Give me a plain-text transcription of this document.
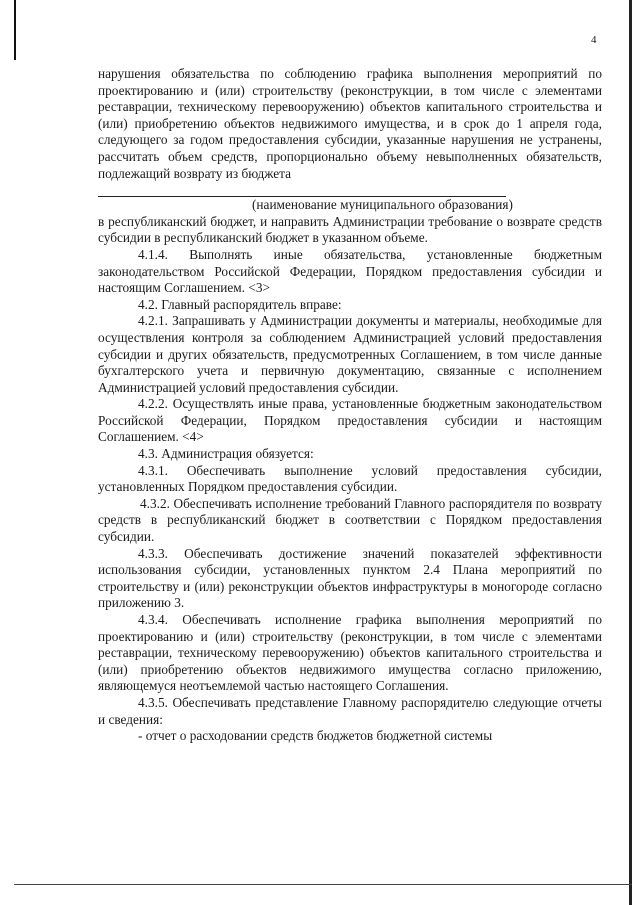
4

нарушения обязательства по соблюдению графика выполнения мероприятий по проектированию и (или) строительству (реконструкции, в том числе с элементами реставрации, техническому перевооружению) объектов капитального строительства и (или) приобретению объектов недвижимого имущества, и в срок до 1 апреля года, следующего за годом предоставления субсидии, указанные нарушения не устранены, рассчитать объем средств, пропорционально объему невыполненных обязательств, подлежащий возврату из бюджета

(наименование муниципального образования)

в республиканский бюджет, и направить Администрации требование о возврате средств субсидии в республиканский бюджет в указанном объеме.

4.1.4. Выполнять иные обязательства, установленные бюджетным законодательством Российской Федерации, Порядком предоставления субсидии и настоящим Соглашением. <3>

4.2. Главный распорядитель вправе:

4.2.1. Запрашивать у Администрации документы и материалы, необходимые для осуществления контроля за соблюдением Администрацией условий предоставления субсидии и других обязательств, предусмотренных Соглашением, в том числе данные бухгалтерского учета и первичную документацию, связанные с исполнением Администрацией условий предоставления субсидии.

4.2.2. Осуществлять иные права, установленные бюджетным законодательством Российской Федерации, Порядком предоставления субсидии и настоящим Соглашением. <4>

4.3. Администрация обязуется:

4.3.1. Обеспечивать выполнение условий предоставления субсидии, установленных Порядком предоставления субсидии.

4.3.2. Обеспечивать исполнение требований Главного распорядителя по возврату средств в республиканский бюджет в соответствии с Порядком предоставления субсидии.

4.3.3. Обеспечивать достижение значений показателей эффективности использования субсидии, установленных пунктом 2.4 Плана мероприятий по строительству и (или) реконструкции объектов инфраструктуры в моногороде согласно приложению 3.

4.3.4. Обеспечивать исполнение графика выполнения мероприятий по проектированию и (или) строительству (реконструкции, в том числе с элементами реставрации, техническому перевооружению) объектов капитального строительства и (или) приобретению объектов недвижимого имущества согласно приложению, являющемуся неотъемлемой частью настоящего Соглашения.

4.3.5. Обеспечивать представление Главному распорядителю следующие отчеты и сведения:

- отчет о расходовании средств бюджетов бюджетной системы
